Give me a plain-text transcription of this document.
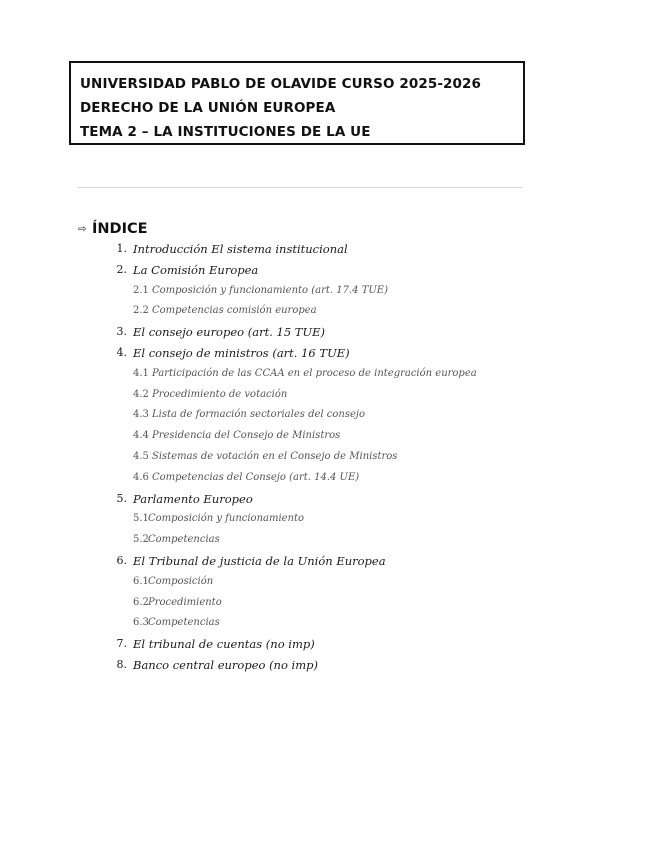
UNIVERSIDAD PABLO DE OLAVIDE CURSO 2025-2026
DERECHO DE LA UNIÓN EUROPEA
TEMA 2 – LA INSTITUCIONES DE LA UE
⇨ ÍNDICE
1. Introducción El sistema institucional
2. La Comisión Europea
2.1 Composición y funcionamiento (art. 17.4 TUE)
2.2 Competencias comisión europea
3. El consejo europeo (art. 15 TUE)
4. El consejo de ministros (art. 16 TUE)
4.1 Participación de las CCAA en el proceso de integración europea
4.2 Procedimiento de votación
4.3 Lista de formación sectoriales del consejo
4.4 Presidencia del Consejo de Ministros
4.5 Sistemas de votación en el Consejo de Ministros
4.6 Competencias del Consejo (art. 14.4 UE)
5. Parlamento Europeo
5.1 Composición y funcionamiento
5.2 Competencias
6. El Tribunal de justicia de la Unión Europea
6.1 Composición
6.2 Procedimiento
6.3 Competencias
7. El tribunal de cuentas (no imp)
8. Banco central europeo (no imp)
